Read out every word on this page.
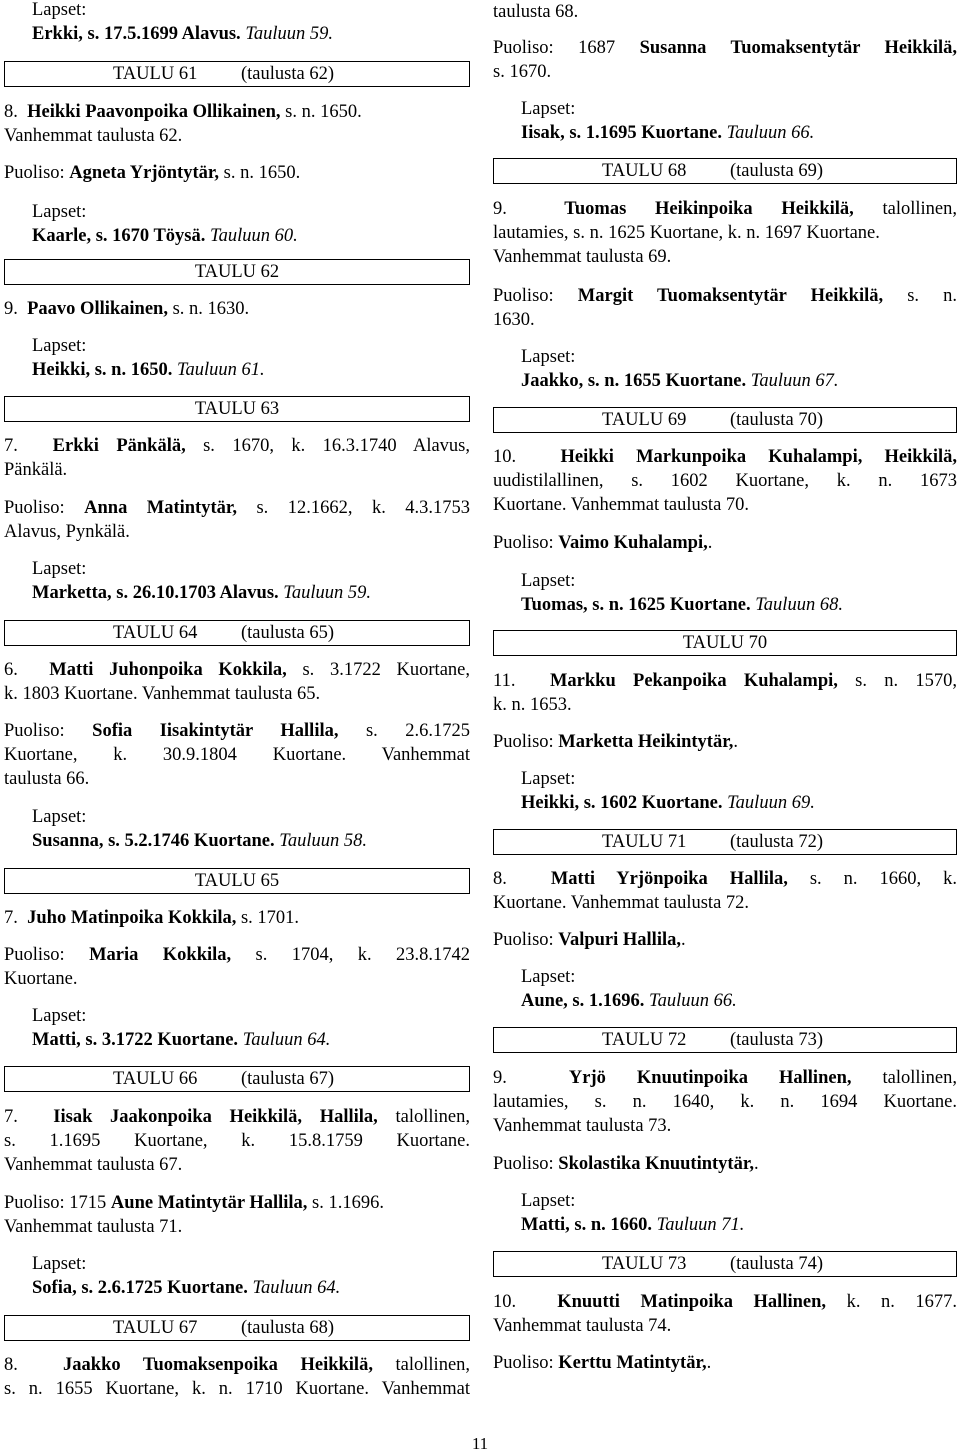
Lapset:
Erkki, s. 17.5.1699 Alavus. Tauluun 59.
TAULU 61 (taulusta 62)
8. Heikki Paavonpoika Ollikainen, s. n. 1650.
Vanhemmat taulusta 62.
Puoliso: Agneta Yrjöntytär, s. n. 1650.
Lapset:
Kaarle, s. 1670 Töysä. Tauluun 60.
TAULU 62
9. Paavo Ollikainen, s. n. 1630.
Lapset:
Heikki, s. n. 1650. Tauluun 61.
TAULU 63
7. Erkki Pänkälä, s. 1670, k. 16.3.1740 Alavus,
Pänkälä.
Puoliso: Anna Matintytär, s. 12.1662, k. 4.3.1753
Alavus, Pynkälä.
Lapset:
Marketta, s. 26.10.1703 Alavus. Tauluun 59.
TAULU 64 (taulusta 65)
6. Matti Juhonpoika Kokkila, s. 3.1722 Kuortane,
k. 1803 Kuortane. Vanhemmat taulusta 65.
Puoliso: Sofia Iisakintytär Hallila, s. 2.6.1725
Kuortane, k. 30.9.1804 Kuortane. Vanhemmat
taulusta 66.
Lapset:
Susanna, s. 5.2.1746 Kuortane. Tauluun 58.
TAULU 65
7. Juho Matinpoika Kokkila, s. 1701.
Puoliso: Maria Kokkila, s. 1704, k. 23.8.1742
Kuortane.
Lapset:
Matti, s. 3.1722 Kuortane. Tauluun 64.
TAULU 66 (taulusta 67)
7. Iisak Jaakonpoika Heikkilä, Hallila, talollinen,
s. 1.1695 Kuortane, k. 15.8.1759 Kuortane.
Vanhemmat taulusta 67.
Puoliso: 1715 Aune Matintytär Hallila, s. 1.1696.
Vanhemmat taulusta 71.
Lapset:
Sofia, s. 2.6.1725 Kuortane. Tauluun 64.
TAULU 67 (taulusta 68)
8. Jaakko Tuomaksenpoika Heikkilä, talollinen,
s. n. 1655 Kuortane, k. n. 1710 Kuortane. Vanhemmat
taulusta 68.
Puoliso: 1687 Susanna Tuomaksentytär Heikkilä,
s. 1670.
Lapset:
Iisak, s. 1.1695 Kuortane. Tauluun 66.
TAULU 68 (taulusta 69)
9.	Tuomas Heikinpoika Heikkilä, talollinen,
lautamies, s. n. 1625 Kuortane, k. n. 1697 Kuortane.
Vanhemmat taulusta 69.
Puoliso: Margit Tuomaksentytär Heikkilä, s. n.
1630.
Lapset:
Jaakko, s. n. 1655 Kuortane. Tauluun 67.
TAULU 69 (taulusta 70)
10. Heikki Markunpoika Kuhalampi, Heikkilä,
uudistilallinen, s. 1602 Kuortane, k. n. 1673
Kuortane. Vanhemmat taulusta 70.
Puoliso: Vaimo Kuhalampi,.
Lapset:
Tuomas, s. n. 1625 Kuortane. Tauluun 68.
TAULU 70
11. Markku Pekanpoika Kuhalampi, s. n. 1570,
k. n. 1653.
Puoliso: Marketta Heikintytär,.
Lapset:
Heikki, s. 1602 Kuortane. Tauluun 69.
TAULU 71 (taulusta 72)
8. Matti Yrjönpoika Hallila, s. n. 1660, k.
Kuortane. Vanhemmat taulusta 72.
Puoliso: Valpuri Hallila,.
Lapset:
Aune, s. 1.1696. Tauluun 66.
TAULU 72 (taulusta 73)
9.	Yrjö Knuutinpoika Hallinen, talollinen,
lautamies, s. n. 1640, k. n. 1694 Kuortane.
Vanhemmat taulusta 73.
Puoliso: Skolastika Knuutintytär,.
Lapset:
Matti, s. n. 1660. Tauluun 71.
TAULU 73 (taulusta 74)
10. Knuutti Matinpoika Hallinen, k. n. 1677.
Vanhemmat taulusta 74.
Puoliso: Kerttu Matintytär,.
11
